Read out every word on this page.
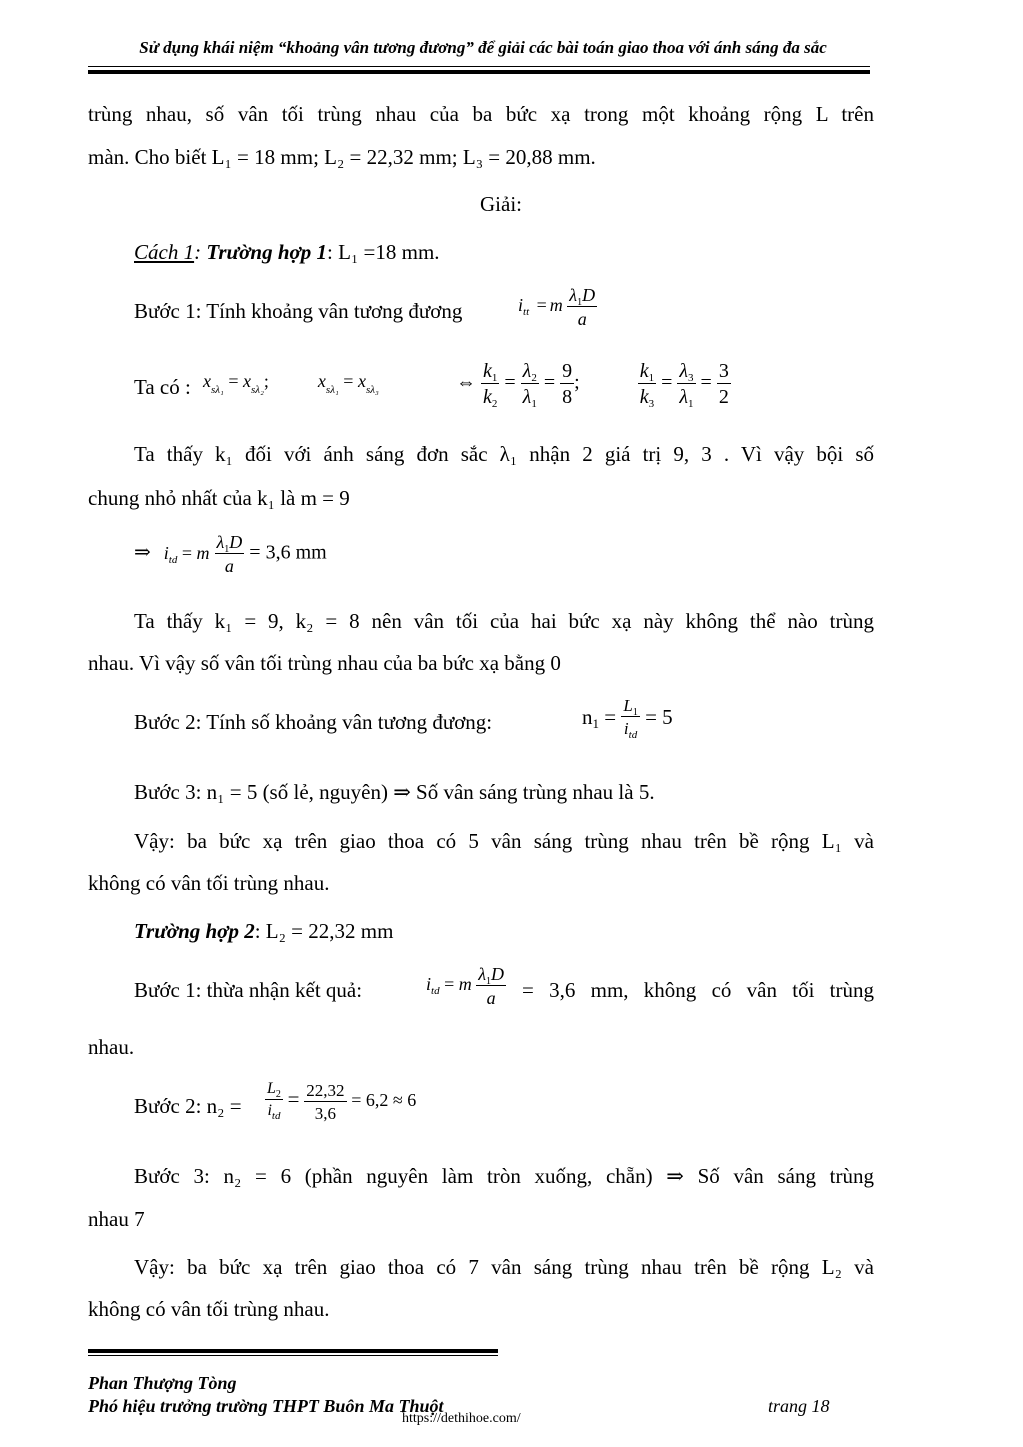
Sử dụng khái niệm “khoảng vân tương đương” để giải các bài toán giao thoa với ánh sáng đa sắc
trùng nhau, số vân tối trùng nhau của ba bức xạ trong một khoảng rộng L trên
màn. Cho biết L₁ = 18 mm; L₂ = 22,32 mm; L₃ = 20,88 mm.
Giải:
Cách 1: Trường hợp 1: L₁ =18 mm.
Bước 1: Tính khoảng vân tương đương	$i_{tt} = m \frac{\lambda_1D}{a}$
Ta có : $x_{s\lambda_1} = x_{s\lambda_2}$;  $x_{s\lambda_1} = x_{s\lambda_3}$	⇔ $\frac{k_1}{k_2} = \frac{\lambda_2}{\lambda_1} = \frac{9}{8}$ ;	$\frac{k_1}{k_3} = \frac{\lambda_3}{\lambda_1} = \frac{3}{2}$
Ta thấy k₁ đối với ánh sáng đơn sắc λ₁ nhận 2 giá trị 9, 3 . Vì vậy bội số
chung nhỏ nhất của k₁ là m = 9
⇒ $i_{td} = m \frac{\lambda_1D}{a} = 3,6$ mm
Ta thấy k₁ = 9, k₂ = 8 nên vân tối của hai bức xạ này không thể nào trùng
nhau. Vì vậy số vân tối trùng nhau của ba bức xạ bằng 0
Bước 2: Tính số khoảng vân tương đương:	$n_1 = \frac{L_1}{i_{td}} = 5$
Bước 3: n₁ = 5 (số lẻ, nguyên) ⇒ Số vân sáng trùng nhau là 5.
Vậy: ba bức xạ trên giao thoa có 5 vân sáng trùng nhau trên bề rộng L₁ và
không có vân tối trùng nhau.
Trường hợp 2: L₂ = 22,32 mm
Bước 1: thừa nhận kết quả:	$i_{td} = m \frac{\lambda_1D}{a} = 3,6$ mm, không có vân tối trùng
nhau.
Bước 2: $n_2 = \frac{L_2}{i_{td}} = \frac{22,32}{3,6} = 6,2 \approx 6$
Bước 3: n₂ = 6 (phần nguyên làm tròn xuống, chẵn) ⇒ Số vân sáng trùng
nhau 7
Vậy: ba bức xạ trên giao thoa có 7 vân sáng trùng nhau trên bề rộng L₂ và
không có vân tối trùng nhau.
Phan Thượng Tòng
Phó hiệu trưởng trường THPT Buôn Ma Thuột	trang 18
https://dethihoe.com/
